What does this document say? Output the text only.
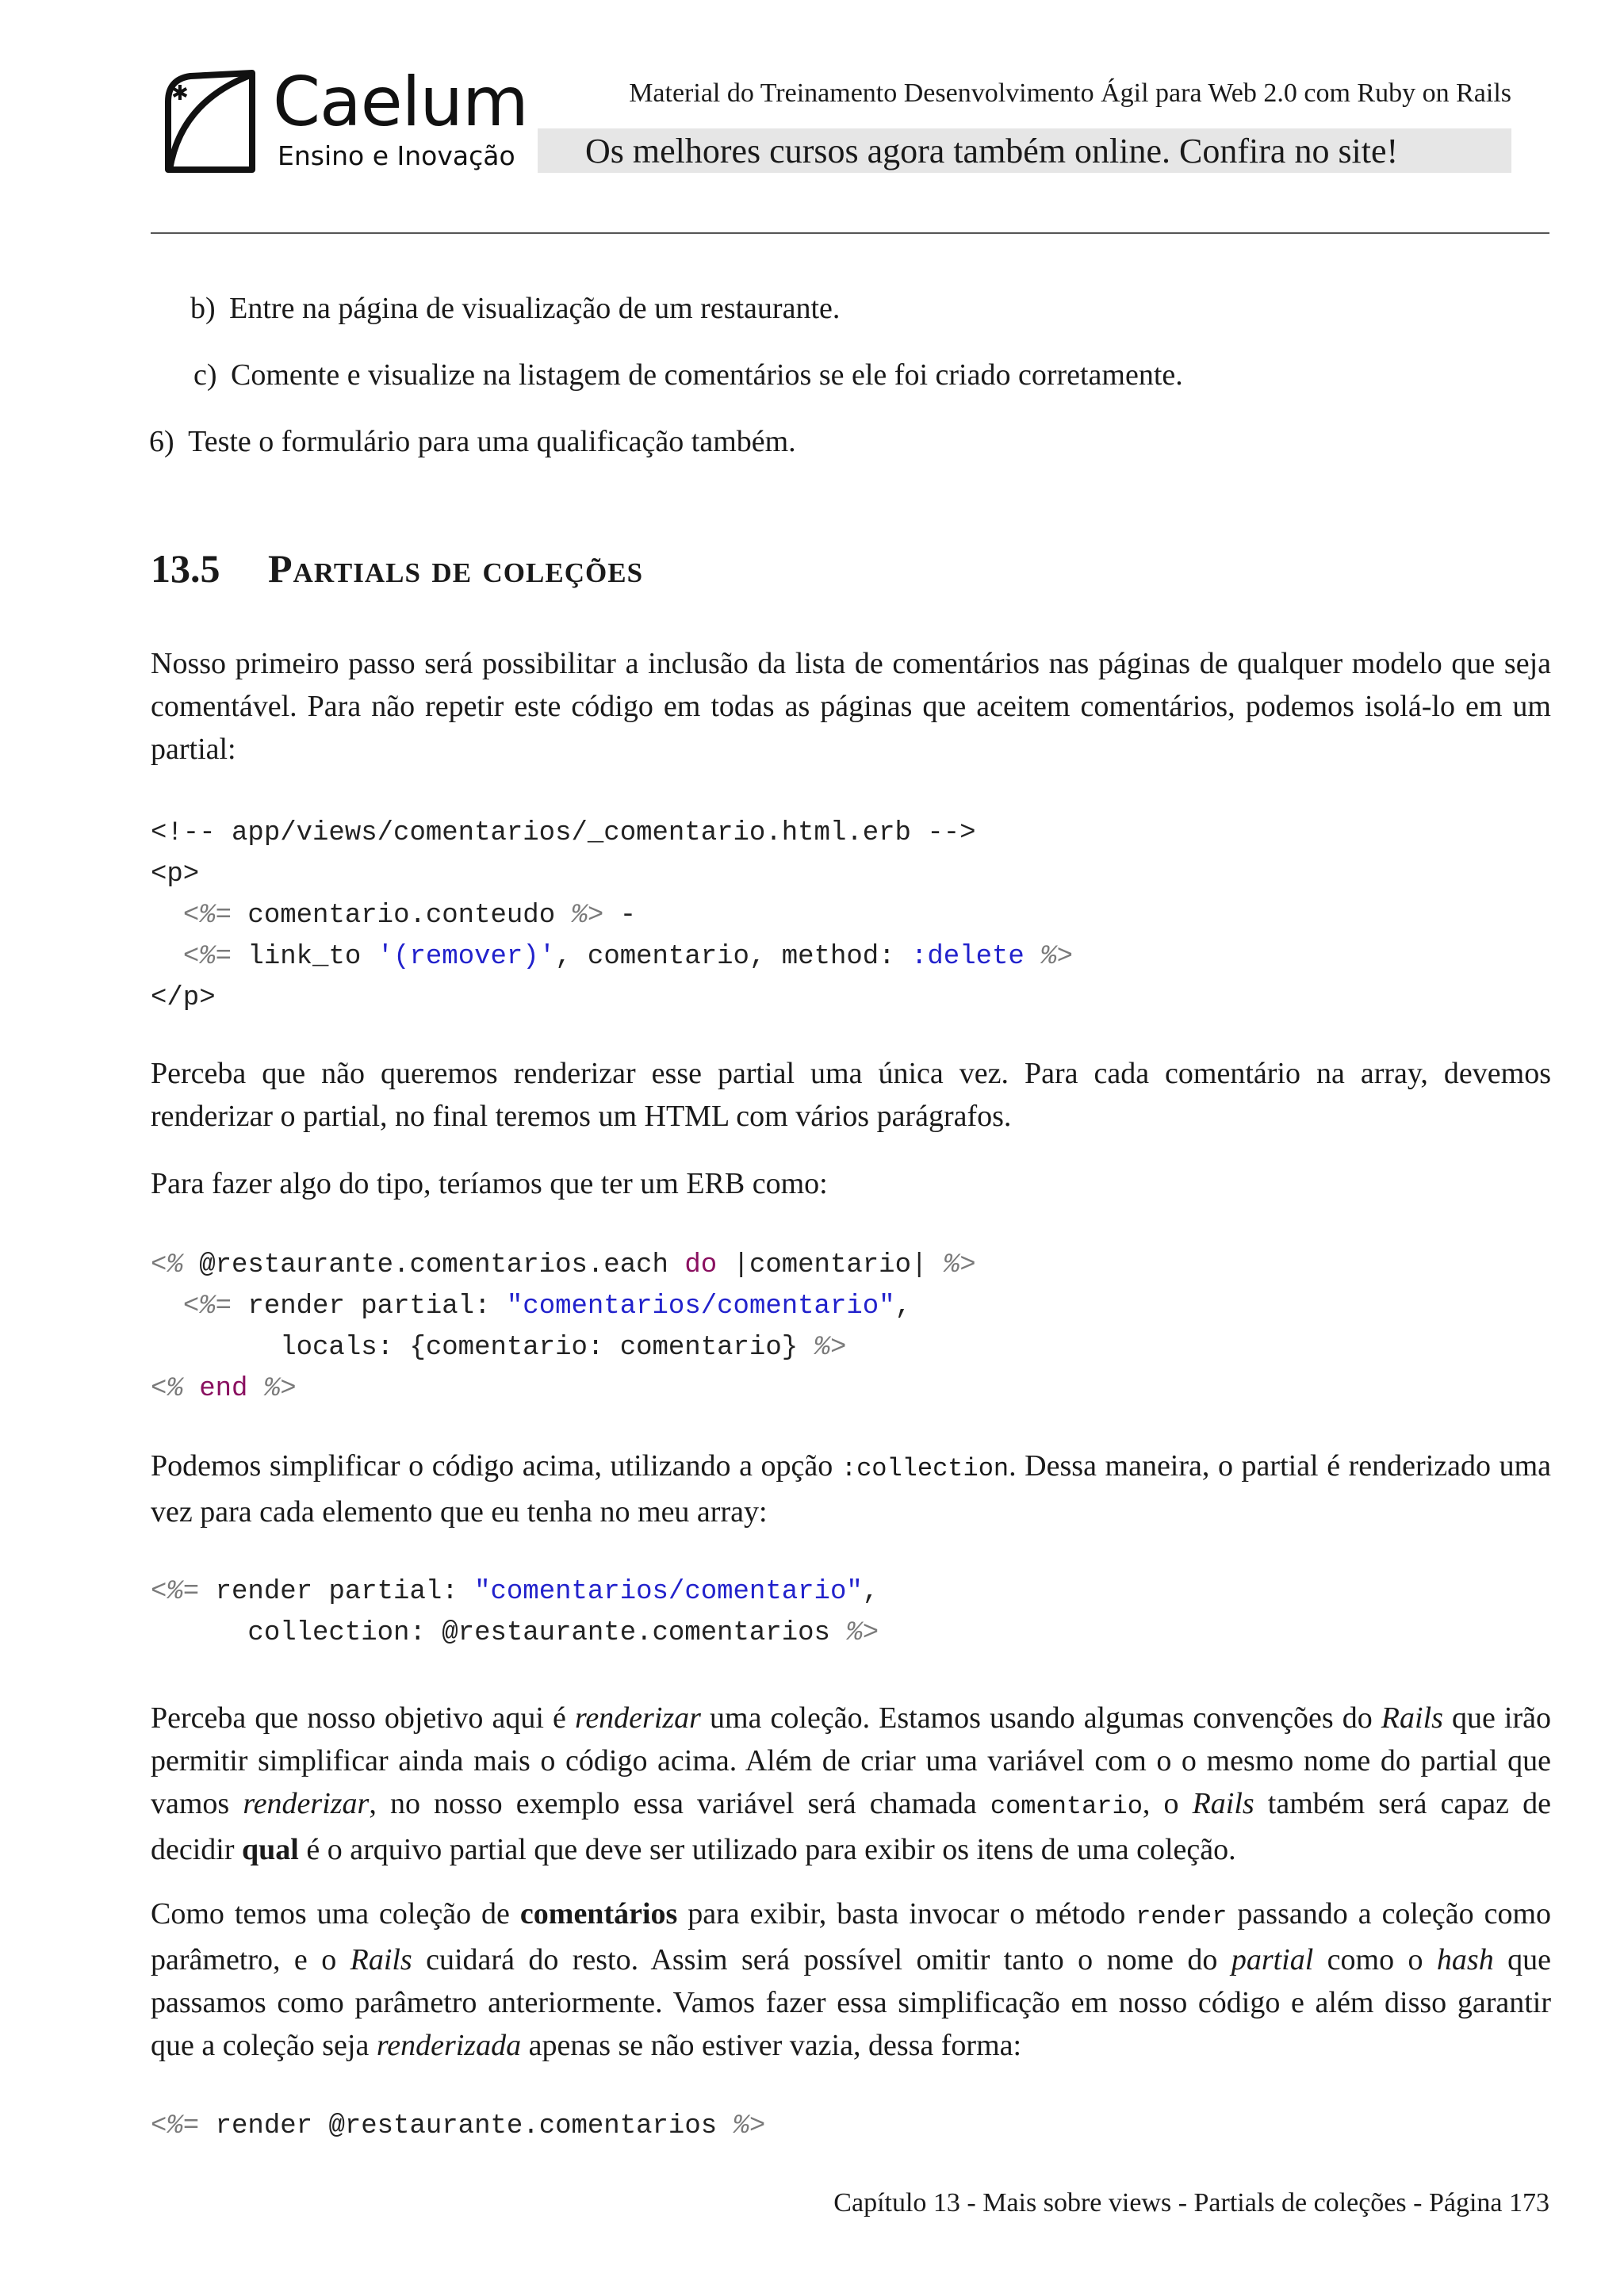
✱ Caelum
Ensino e Inovação
Material do Treinamento Desenvolvimento Ágil para Web 2.0 com Ruby on Rails
Os melhores cursos agora também online. Confira no site!
b) Entre na página de visualização de um restaurante.
c) Comente e visualize na listagem de comentários se ele foi criado corretamente.
6) Teste o formulário para uma qualificação também.
13.5 Partials de coleções
Nosso primeiro passo será possibilitar a inclusão da lista de comentários nas páginas de qualquer modelo que seja comentável. Para não repetir este código em todas as páginas que aceitem comentários, podemos isolá-lo em um partial:
<!-- app/views/comentarios/_comentario.html.erb -->
<p>
<%= comentario.conteudo %> -
<%= link_to '(remover)', comentario, method: :delete %>
</p>
Perceba que não queremos renderizar esse partial uma única vez. Para cada comentário na array, devemos renderizar o partial, no final teremos um HTML com vários parágrafos.
Para fazer algo do tipo, teríamos que ter um ERB como:
<% @restaurante.comentarios.each do |comentario| %>
<%= render partial: "comentarios/comentario",
locals: {comentario: comentario} %>
<% end %>
Podemos simplificar o código acima, utilizando a opção :collection. Dessa maneira, o partial é renderizado uma vez para cada elemento que eu tenha no meu array:
<%= render partial: "comentarios/comentario",
collection: @restaurante.comentarios %>
Perceba que nosso objetivo aqui é renderizar uma coleção. Estamos usando algumas convenções do Rails que irão permitir simplificar ainda mais o código acima. Além de criar uma variável com o o mesmo nome do partial que vamos renderizar, no nosso exemplo essa variável será chamada comentario, o Rails também será capaz de decidir qual é o arquivo partial que deve ser utilizado para exibir os itens de uma coleção.
Como temos uma coleção de comentários para exibir, basta invocar o método render passando a coleção como parâmetro, e o Rails cuidará do resto. Assim será possível omitir tanto o nome do partial como o hash que passamos como parâmetro anteriormente. Vamos fazer essa simplificação em nosso código e além disso garantir que a coleção seja renderizada apenas se não estiver vazia, dessa forma:
<%= render @restaurante.comentarios %>
Capítulo 13 - Mais sobre views - Partials de coleções - Página 173
